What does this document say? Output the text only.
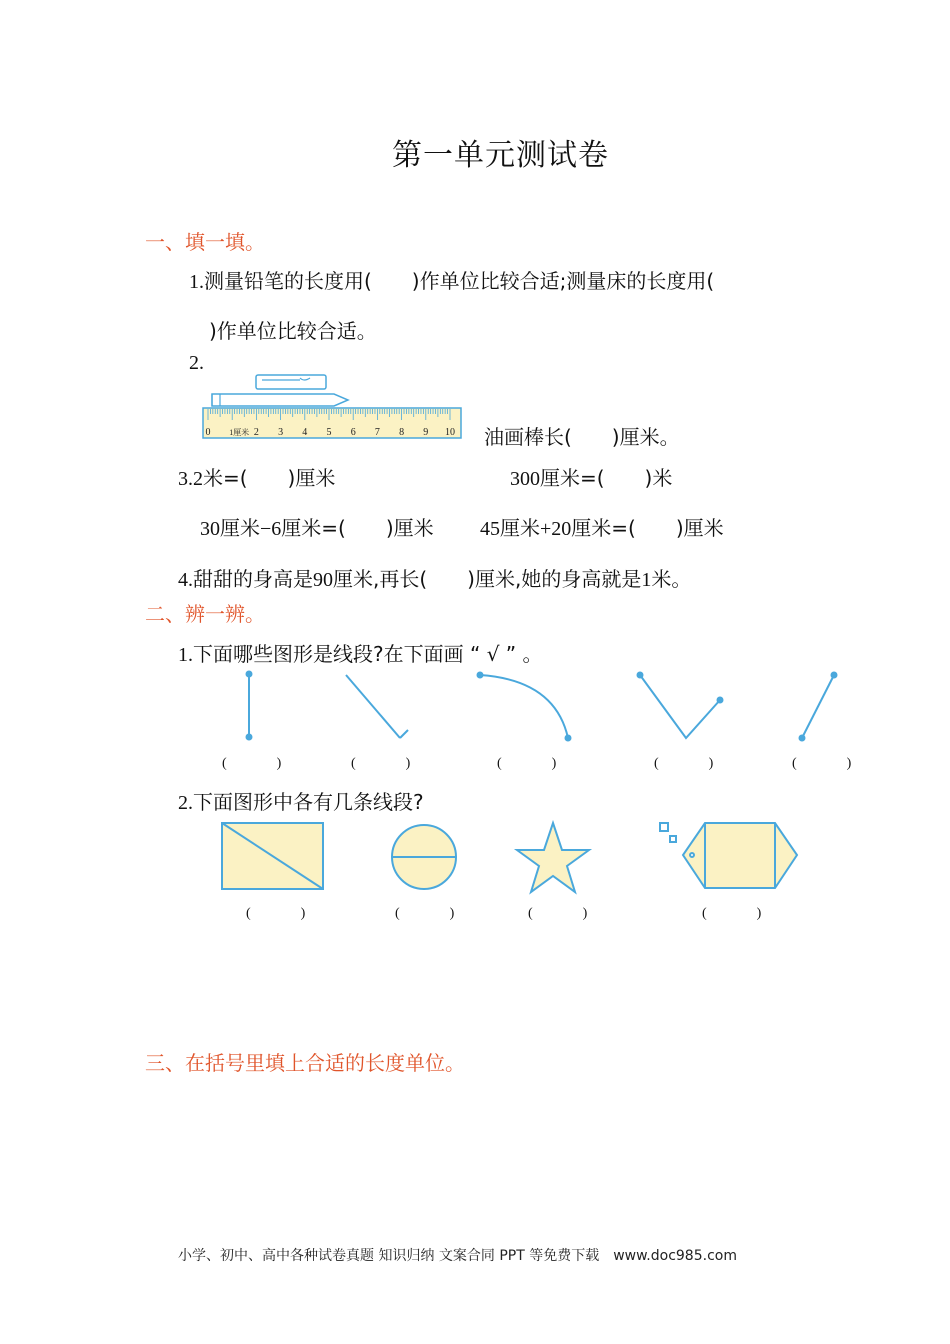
第一单元测试卷
一、填一填。
1.测量铅笔的长度用(　　)作单位比较合适;测量床的长度用(
)作单位比较合适。
2.
0 1厘米 2 3 4 5 6 7 8 9 10 油画棒长(　　)厘米。
3.2米=(　　)厘米	300厘米=(　　)米
30厘米−6厘米=(　　)厘米 45厘米+20厘米=(　　)厘米
4.甜甜的身高是90厘米,再长(　　)厘米,她的身高就是1米。
二、辨一辨。
1.下面哪些图形是线段?在下面画 “ √ ” 。
(　)	(　)	(　)	(　)	(　)
2.下面图形中各有几条线段?
(　)	(　)	(　)	(　)
三、在括号里填上合适的长度单位。
小学、初中、高中各种试卷真题 知识归纳 文案合同 PPT 等免费下载　www.doc985.com
